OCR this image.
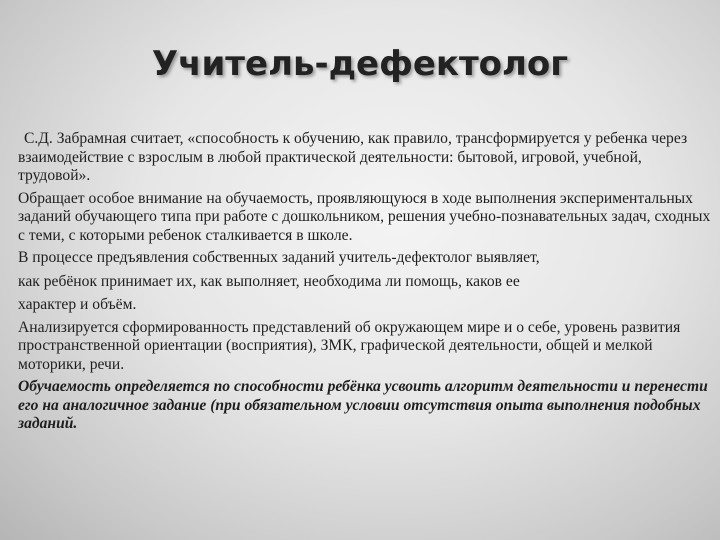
Учитель-дефектолог

С.Д. Забрамная считает, «способность к обучению, как правило, трансформируется у ребенка через взаимодействие с взрослым в любой практической деятельности: бытовой, игровой, учебной, трудовой».

Обращает особое внимание на обучаемость, проявляющуюся в ходе выполнения экспериментальных заданий обучающего типа при работе с дошкольником, решения учебно-познавательных задач, сходных с теми, с которыми ребенок сталкивается в школе.

В процессе предъявления собственных заданий учитель-дефектолог выявляет,

как ребёнок принимает их, как выполняет, необходима ли помощь, каков ее

характер и объём.

Анализируется сформированность представлений об окружающем мире и о себе, уровень развития пространственной ориентации (восприятия), ЗМК, графической деятельности, общей и мелкой моторики, речи.

Обучаемость определяется по способности ребёнка усвоить алгоритм деятельности и перенести его на аналогичное задание (при обязательном условии отсутствия опыта выполнения подобных заданий.
